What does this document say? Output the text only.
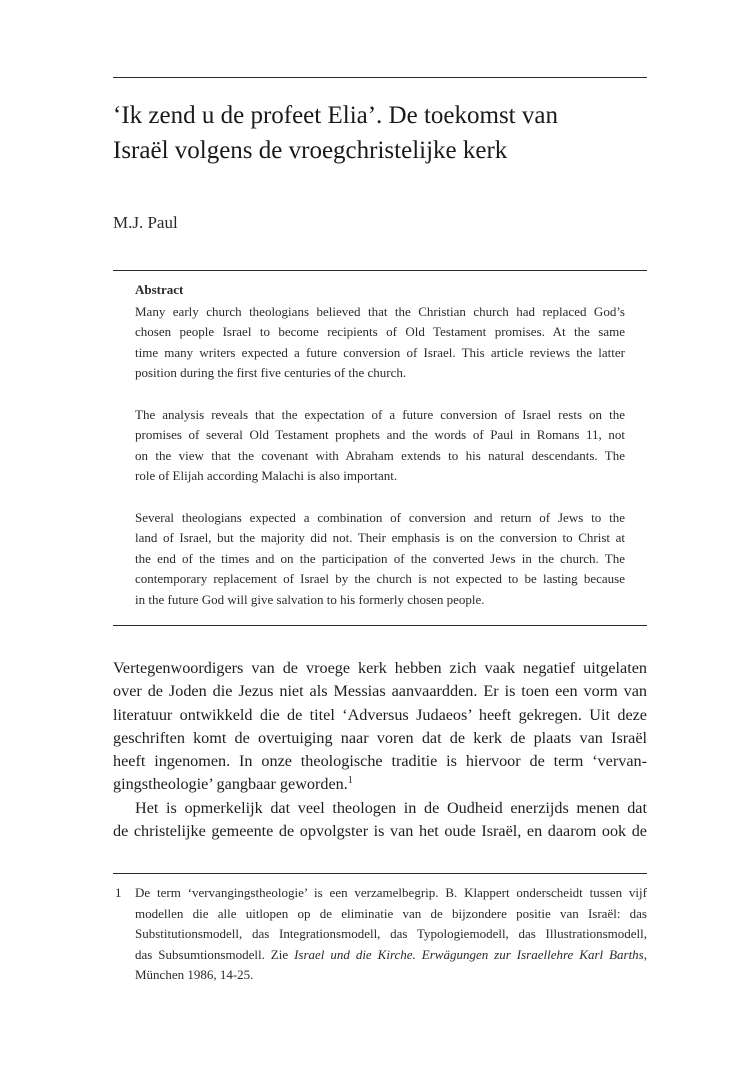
‘Ik zend u de profeet Elia’. De toekomst van
Israël volgens de vroegchristelijke kerk
M.J. Paul
Abstract

Many early church theologians believed that the Christian church had replaced God’s
chosen people Israel to become recipients of Old Testament promises. At the same
time many writers expected a future conversion of Israel. This article reviews the latter
position during the first five centuries of the church.

The analysis reveals that the expectation of a future conversion of Israel rests on the
promises of several Old Testament prophets and the words of Paul in Romans 11, not
on the view that the covenant with Abraham extends to his natural descendants. The
role of Elijah according Malachi is also important.

Several theologians expected a combination of conversion and return of Jews to the
land of Israel, but the majority did not. Their emphasis is on the conversion to Christ at
the end of the times and on the participation of the converted Jews in the church. The
contemporary replacement of Israel by the church is not expected to be lasting because
in the future God will give salvation to his formerly chosen people.

Vertegenwoordigers van de vroege kerk hebben zich vaak negatief uitgelaten
over de Joden die Jezus niet als Messias aanvaardden. Er is toen een vorm van
literatuur ontwikkeld die de titel ‘Adversus Judaeos’ heeft gekregen. Uit deze
geschriften komt de overtuiging naar voren dat de kerk de plaats van Israël
heeft ingenomen. In onze theologische traditie is hiervoor de term ‘vervan-
gingstheologie’ gangbaar geworden.$^1$

Het is opmerkelijk dat veel theologen in de Oudheid enerzijds menen dat
de christelijke gemeente de opvolgster is van het oude Israël, en daarom ook de

1 De term ‘vervangingstheologie’ is een verzamelbegrip. B. Klappert onderscheidt tussen vijf
modellen die alle uitlopen op de eliminatie van de bijzondere positie van Israël: das
Substitutionsmodell, das Integrationsmodell, das Typologiemodell, das Illustrationsmodell,
das Subsumtionsmodell. Zie Israel und die Kirche. Erwägungen zur Israellehre Karl Barths,
München 1986, 14-25.
